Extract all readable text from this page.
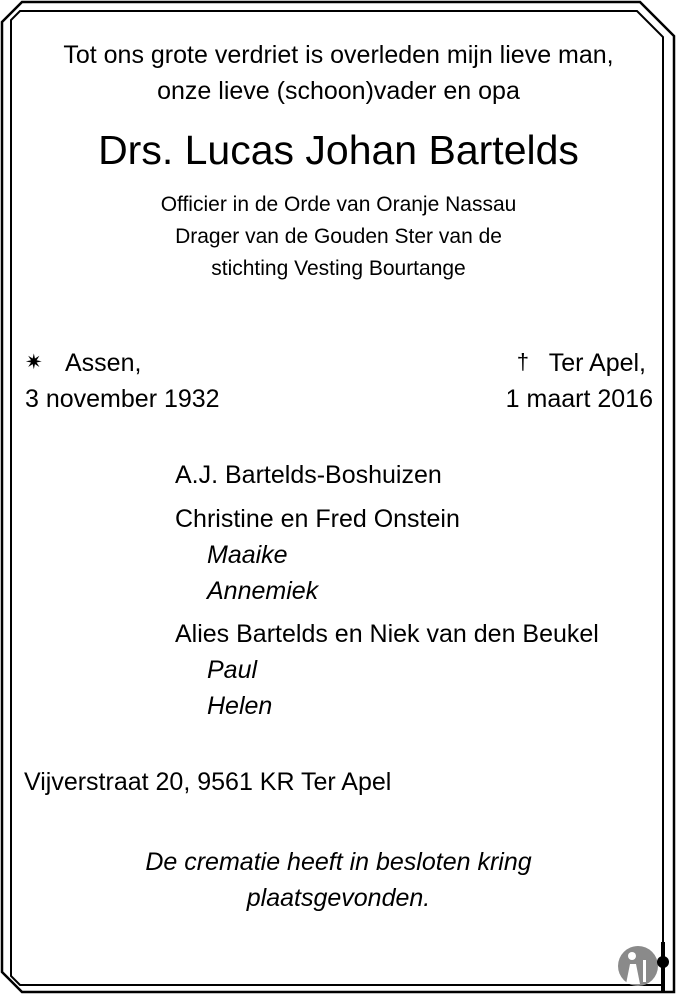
Tot ons grote verdriet is overleden mijn lieve man,
onze lieve (schoon)vader en opa
Drs. Lucas Johan Bartelds
Officier in de Orde van Oranje Nassau
Drager van de Gouden Ster van de
stichting Vesting Bourtange
✷ Assen,
3 november 1932
† Ter Apel,
1 maart 2016
A.J. Bartelds-Boshuizen
Christine en Fred Onstein
Maaike
Annemiek
Alies Bartelds en Niek van den Beukel
Paul
Helen
Vijverstraat 20, 9561 KR Ter Apel
De crematie heeft in besloten kring
plaatsgevonden.
